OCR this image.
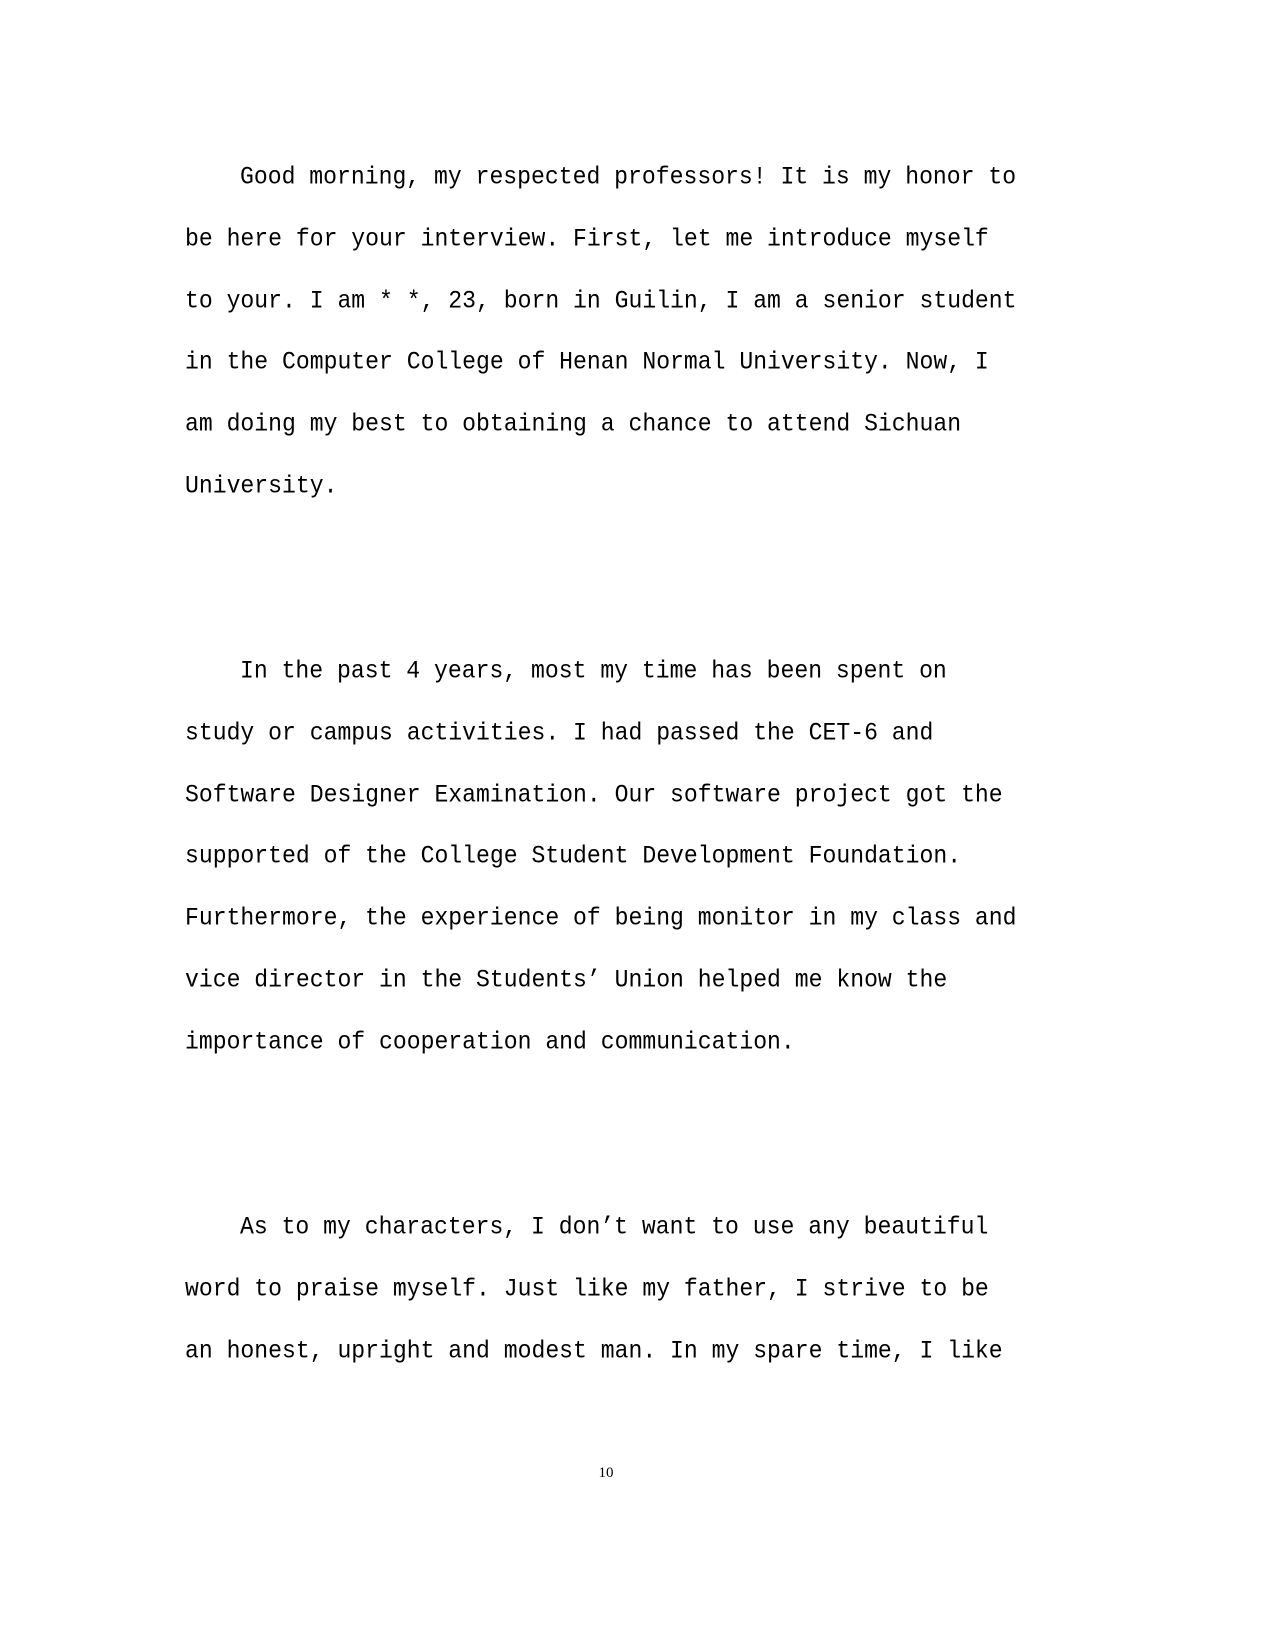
Good morning, my respected professors! It is my honor to
be here for your interview. First, let me introduce myself
to your. I am * *, 23, born in Guilin, I am a senior student
in the Computer College of Henan Normal University. Now, I
am doing my best to obtaining a chance to attend Sichuan
University.
In the past 4 years, most my time has been spent on
study or campus activities. I had passed the CET-6 and
Software Designer Examination. Our software project got the
supported of the College Student Development Foundation.
Furthermore, the experience of being monitor in my class and
vice director in the Students’ Union helped me know the
importance of cooperation and communication.
As to my characters, I don’t want to use any beautiful
word to praise myself. Just like my father, I strive to be
an honest, upright and modest man. In my spare time, I like
10
